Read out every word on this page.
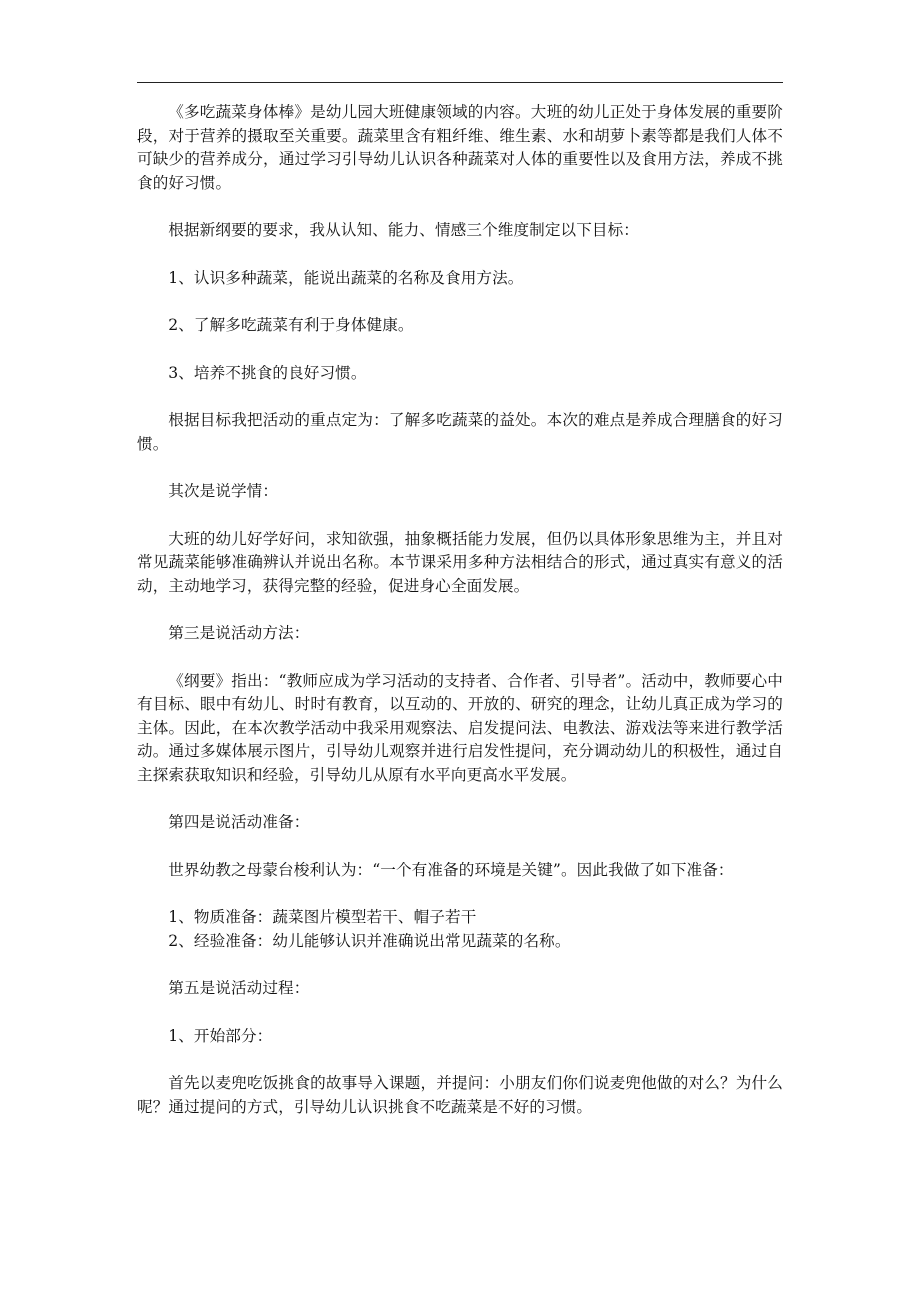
《多吃蔬菜身体棒》是幼儿园大班健康领域的内容。大班的幼儿正处于身体发展的重要阶段，对于营养的摄取至关重要。蔬菜里含有粗纤维、维生素、水和胡萝卜素等都是我们人体不可缺少的营养成分，通过学习引导幼儿认识各种蔬菜对人体的重要性以及食用方法，养成不挑食的好习惯。

根据新纲要的要求，我从认知、能力、情感三个维度制定以下目标：

1、认识多种蔬菜，能说出蔬菜的名称及食用方法。

2、了解多吃蔬菜有利于身体健康。

3、培养不挑食的良好习惯。

根据目标我把活动的重点定为：了解多吃蔬菜的益处。本次的难点是养成合理膳食的好习惯。

其次是说学情：

大班的幼儿好学好问，求知欲强，抽象概括能力发展，但仍以具体形象思维为主，并且对常见蔬菜能够准确辨认并说出名称。本节课采用多种方法相结合的形式，通过真实有意义的活动，主动地学习，获得完整的经验，促进身心全面发展。

第三是说活动方法：

《纲要》指出：“教师应成为学习活动的支持者、合作者、引导者”。活动中，教师要心中有目标、眼中有幼儿、时时有教育，以互动的、开放的、研究的理念，让幼儿真正成为学习的主体。因此，在本次教学活动中我采用观察法、启发提问法、电教法、游戏法等来进行教学活动。通过多媒体展示图片，引导幼儿观察并进行启发性提问，充分调动幼儿的积极性，通过自主探索获取知识和经验，引导幼儿从原有水平向更高水平发展。

第四是说活动准备：

世界幼教之母蒙台梭利认为：“一个有准备的环境是关键”。因此我做了如下准备：

1、物质准备：蔬菜图片模型若干、帽子若干

2、经验准备：幼儿能够认识并准确说出常见蔬菜的名称。

第五是说活动过程：

1、开始部分：

首先以麦兜吃饭挑食的故事导入课题，并提问：小朋友们你们说麦兜他做的对么？为什么呢？通过提问的方式，引导幼儿认识挑食不吃蔬菜是不好的习惯。
